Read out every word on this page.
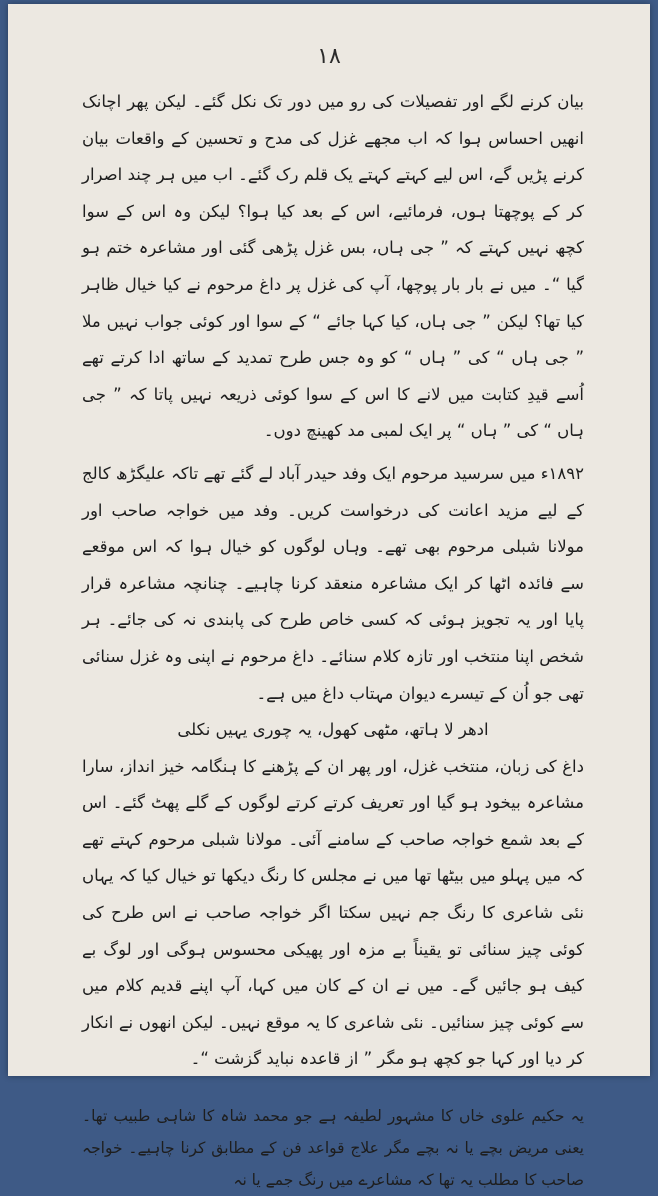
١٨

بیان کرنے لگے اور تفصیلات کی رو میں دور تک نکل گئے۔ لیکن پھر اچانک انھیں احساس ہوا کہ اب مجھے غزل کی مدح و تحسین کے واقعات بیان کرنے پڑیں گے، اس لیے کہتے کہتے یک قلم رک گئے۔ اب میں ہر چند اصرار کر کے پوچھتا ہوں، فرمائیے، اس کے بعد کیا ہوا؟ لیکن وہ اس کے سوا کچھ نہیں کہتے کہ ” جی ہاں، بس غزل پڑھی گئی اور مشاعرہ ختم ہو گیا “۔ میں نے بار بار پوچھا، آپ کی غزل پر داغ مرحوم نے کیا خیال ظاہر کیا تھا؟ لیکن ” جی ہاں، کیا کہا جائے “ کے سوا اور کوئی جواب نہیں ملا ” جی ہاں “ کی ” ہاں “ کو وہ جس طرح تمدید کے ساتھ ادا کرتے تھے اُسے قیدِ کتابت میں لانے کا اس کے سوا کوئی ذریعہ نہیں پاتا کہ ” جی ہاں “ کی ” ہاں “ پر ایک لمبی مد کھینچ دوں۔

۱۸۹۲ء میں سرسید مرحوم ایک وفد حیدر آباد لے گئے تھے تاکہ علیگڑھ کالج کے لیے مزید اعانت کی درخواست کریں۔ وفد میں خواجہ صاحب اور مولانا شبلی مرحوم بھی تھے۔ وہاں لوگوں کو خیال ہوا کہ اس موقعے سے فائدہ اٹھا کر ایک مشاعرہ منعقد کرنا چاہیے۔ چنانچہ مشاعرہ قرار پایا اور یہ تجویز ہوئی کہ کسی خاص طرح کی پابندی نہ کی جائے۔ ہر شخص اپنا منتخب اور تازہ کلام سنائے۔ داغ مرحوم نے اپنی وہ غزل سنائی تھی جو اُن کے تیسرے دیوان مہتاب داغ میں ہے۔

ادھر لا ہاتھ، مٹھی کھول، یہ چوری یہیں نکلی

داغ کی زبان، منتخب غزل، اور پھر ان کے پڑھنے کا ہنگامہ خیز انداز، سارا مشاعرہ بیخود ہو گیا اور تعریف کرتے کرتے لوگوں کے گلے پھٹ گئے۔ اس کے بعد شمع خواجہ صاحب کے سامنے آئی۔ مولانا شبلی مرحوم کہتے تھے کہ میں پہلو میں بیٹھا تھا میں نے مجلس کا رنگ دیکھا تو خیال کیا کہ یہاں نئی شاعری کا رنگ جم نہیں سکتا اگر خواجہ صاحب نے اس طرح کی کوئی چیز سنائی تو یقیناً بے مزہ اور پھیکی محسوس ہوگی اور لوگ بے کیف ہو جائیں گے۔ میں نے ان کے کان میں کہا، آپ اپنے قدیم کلام میں سے کوئی چیز سنائیں۔ نئی شاعری کا یہ موقع نہیں۔ لیکن انھوں نے انکار کر دیا اور کہا جو کچھ ہو مگر ” از قاعدہ نباید گزشت “۔

یہ حکیم علوی خاں کا مشہور لطیفہ ہے جو محمد شاہ کا شاہی طبیب تھا۔ یعنی مریض بچے یا نہ بچے مگر علاج قواعد فن کے مطابق کرنا چاہیے۔ خواجہ صاحب کا مطلب یہ تھا کہ مشاعرے میں رنگ جمے یا نہ
